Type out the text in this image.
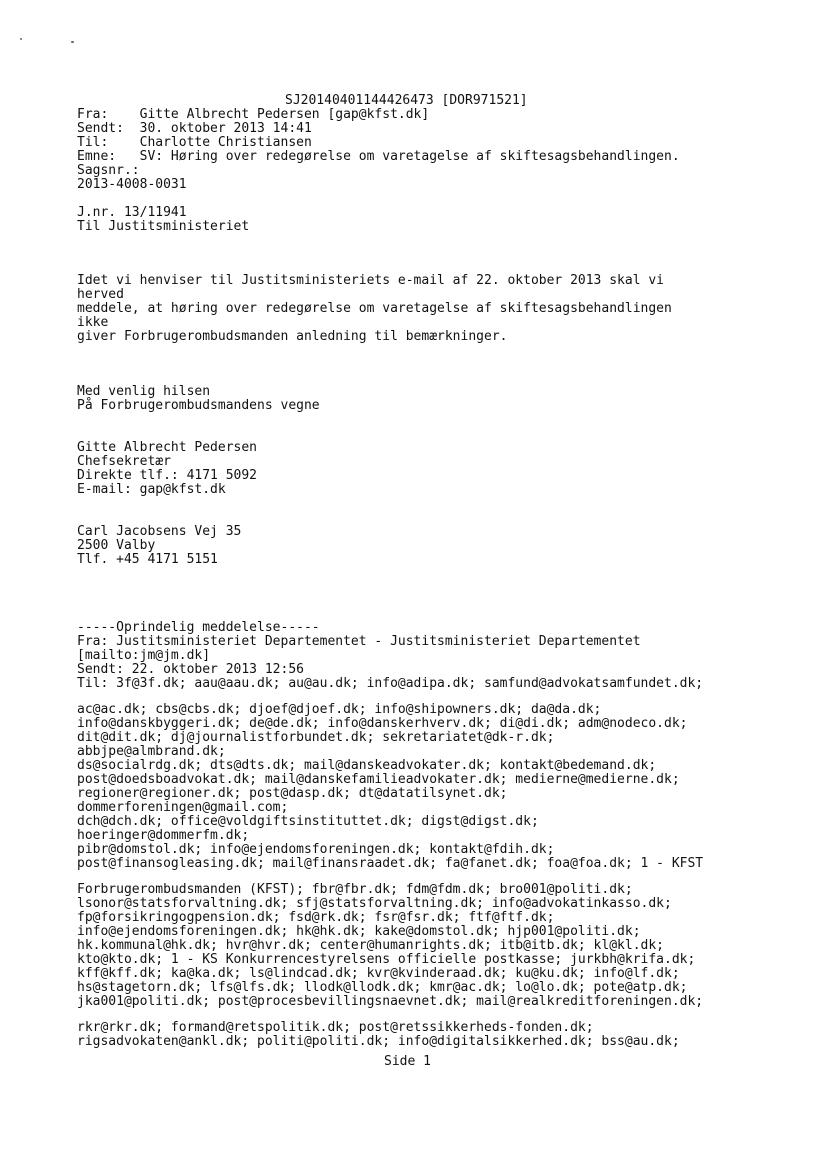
SJ20140401144426473 [DOR971521]
Fra:    Gitte Albrecht Pedersen [gap@kfst.dk]
Sendt:  30. oktober 2013 14:41
Til:    Charlotte Christiansen
Emne:   SV: Høring over redegørelse om varetagelse af skiftesagsbehandlingen.
Sagsnr.:
2013-4008-0031
J.nr. 13/11941
Til Justitsministeriet
Idet vi henviser til Justitsministeriets e-mail af 22. oktober 2013 skal vi
herved
meddele, at høring over redegørelse om varetagelse af skiftesagsbehandlingen
ikke
giver Forbrugerombudsmanden anledning til bemærkninger.
Med venlig hilsen
På Forbrugerombudsmandens vegne
Gitte Albrecht Pedersen
Chefsekretær
Direkte tlf.: 4171 5092
E-mail: gap@kfst.dk
Carl Jacobsens Vej 35
2500 Valby
Tlf. +45 4171 5151
-----Oprindelig meddelelse-----
Fra: Justitsministeriet Departementet - Justitsministeriet Departementet
[mailto:jm@jm.dk]
Sendt: 22. oktober 2013 12:56
Til: 3f@3f.dk; aau@aau.dk; au@au.dk; info@adipa.dk; samfund@advokatsamfundet.dk;
ac@ac.dk; cbs@cbs.dk; djoef@djoef.dk; info@shipowners.dk; da@da.dk;
info@danskbyggeri.dk; de@de.dk; info@danskerhverv.dk; di@di.dk; adm@nodeco.dk;
dit@dit.dk; dj@journalistforbundet.dk; sekretariatet@dk-r.dk;
abbjpe@almbrand.dk;
ds@socialrdg.dk; dts@dts.dk; mail@danskeadvokater.dk; kontakt@bedemand.dk;
post@doedsboadvokat.dk; mail@danskefamilieadvokater.dk; medierne@medierne.dk;
regioner@regioner.dk; post@dasp.dk; dt@datatilsynet.dk;
dommerforeningen@gmail.com;
dch@dch.dk; office@voldgiftsinstituttet.dk; digst@digst.dk;
hoeringer@dommerfm.dk;
pibr@domstol.dk; info@ejendomsforeningen.dk; kontakt@fdih.dk;
post@finansogleasing.dk; mail@finansraadet.dk; fa@fanet.dk; foa@foa.dk; 1 - KFST
Forbrugerombudsmanden (KFST); fbr@fbr.dk; fdm@fdm.dk; bro001@politi.dk;
lsonor@statsforvaltning.dk; sfj@statsforvaltning.dk; info@advokatinkasso.dk;
fp@forsikringogpension.dk; fsd@rk.dk; fsr@fsr.dk; ftf@ftf.dk;
info@ejendomsforeningen.dk; hk@hk.dk; kake@domstol.dk; hjp001@politi.dk;
hk.kommunal@hk.dk; hvr@hvr.dk; center@humanrights.dk; itb@itb.dk; kl@kl.dk;
kto@kto.dk; 1 - KS Konkurrencestyrelsens officielle postkasse; jurkbh@krifa.dk;
kff@kff.dk; ka@ka.dk; ls@lindcad.dk; kvr@kvinderaad.dk; ku@ku.dk; info@lf.dk;
hs@stagetorn.dk; lfs@lfs.dk; llodk@llodk.dk; kmr@ac.dk; lo@lo.dk; pote@atp.dk;
jka001@politi.dk; post@procesbevillingsnaevnet.dk; mail@realkreditforeningen.dk;
rkr@rkr.dk; formand@retspolitik.dk; post@retssikkerheds-fonden.dk;
rigsadvokaten@ankl.dk; politi@politi.dk; info@digitalsikkerhed.dk; bss@au.dk;
Side 1
